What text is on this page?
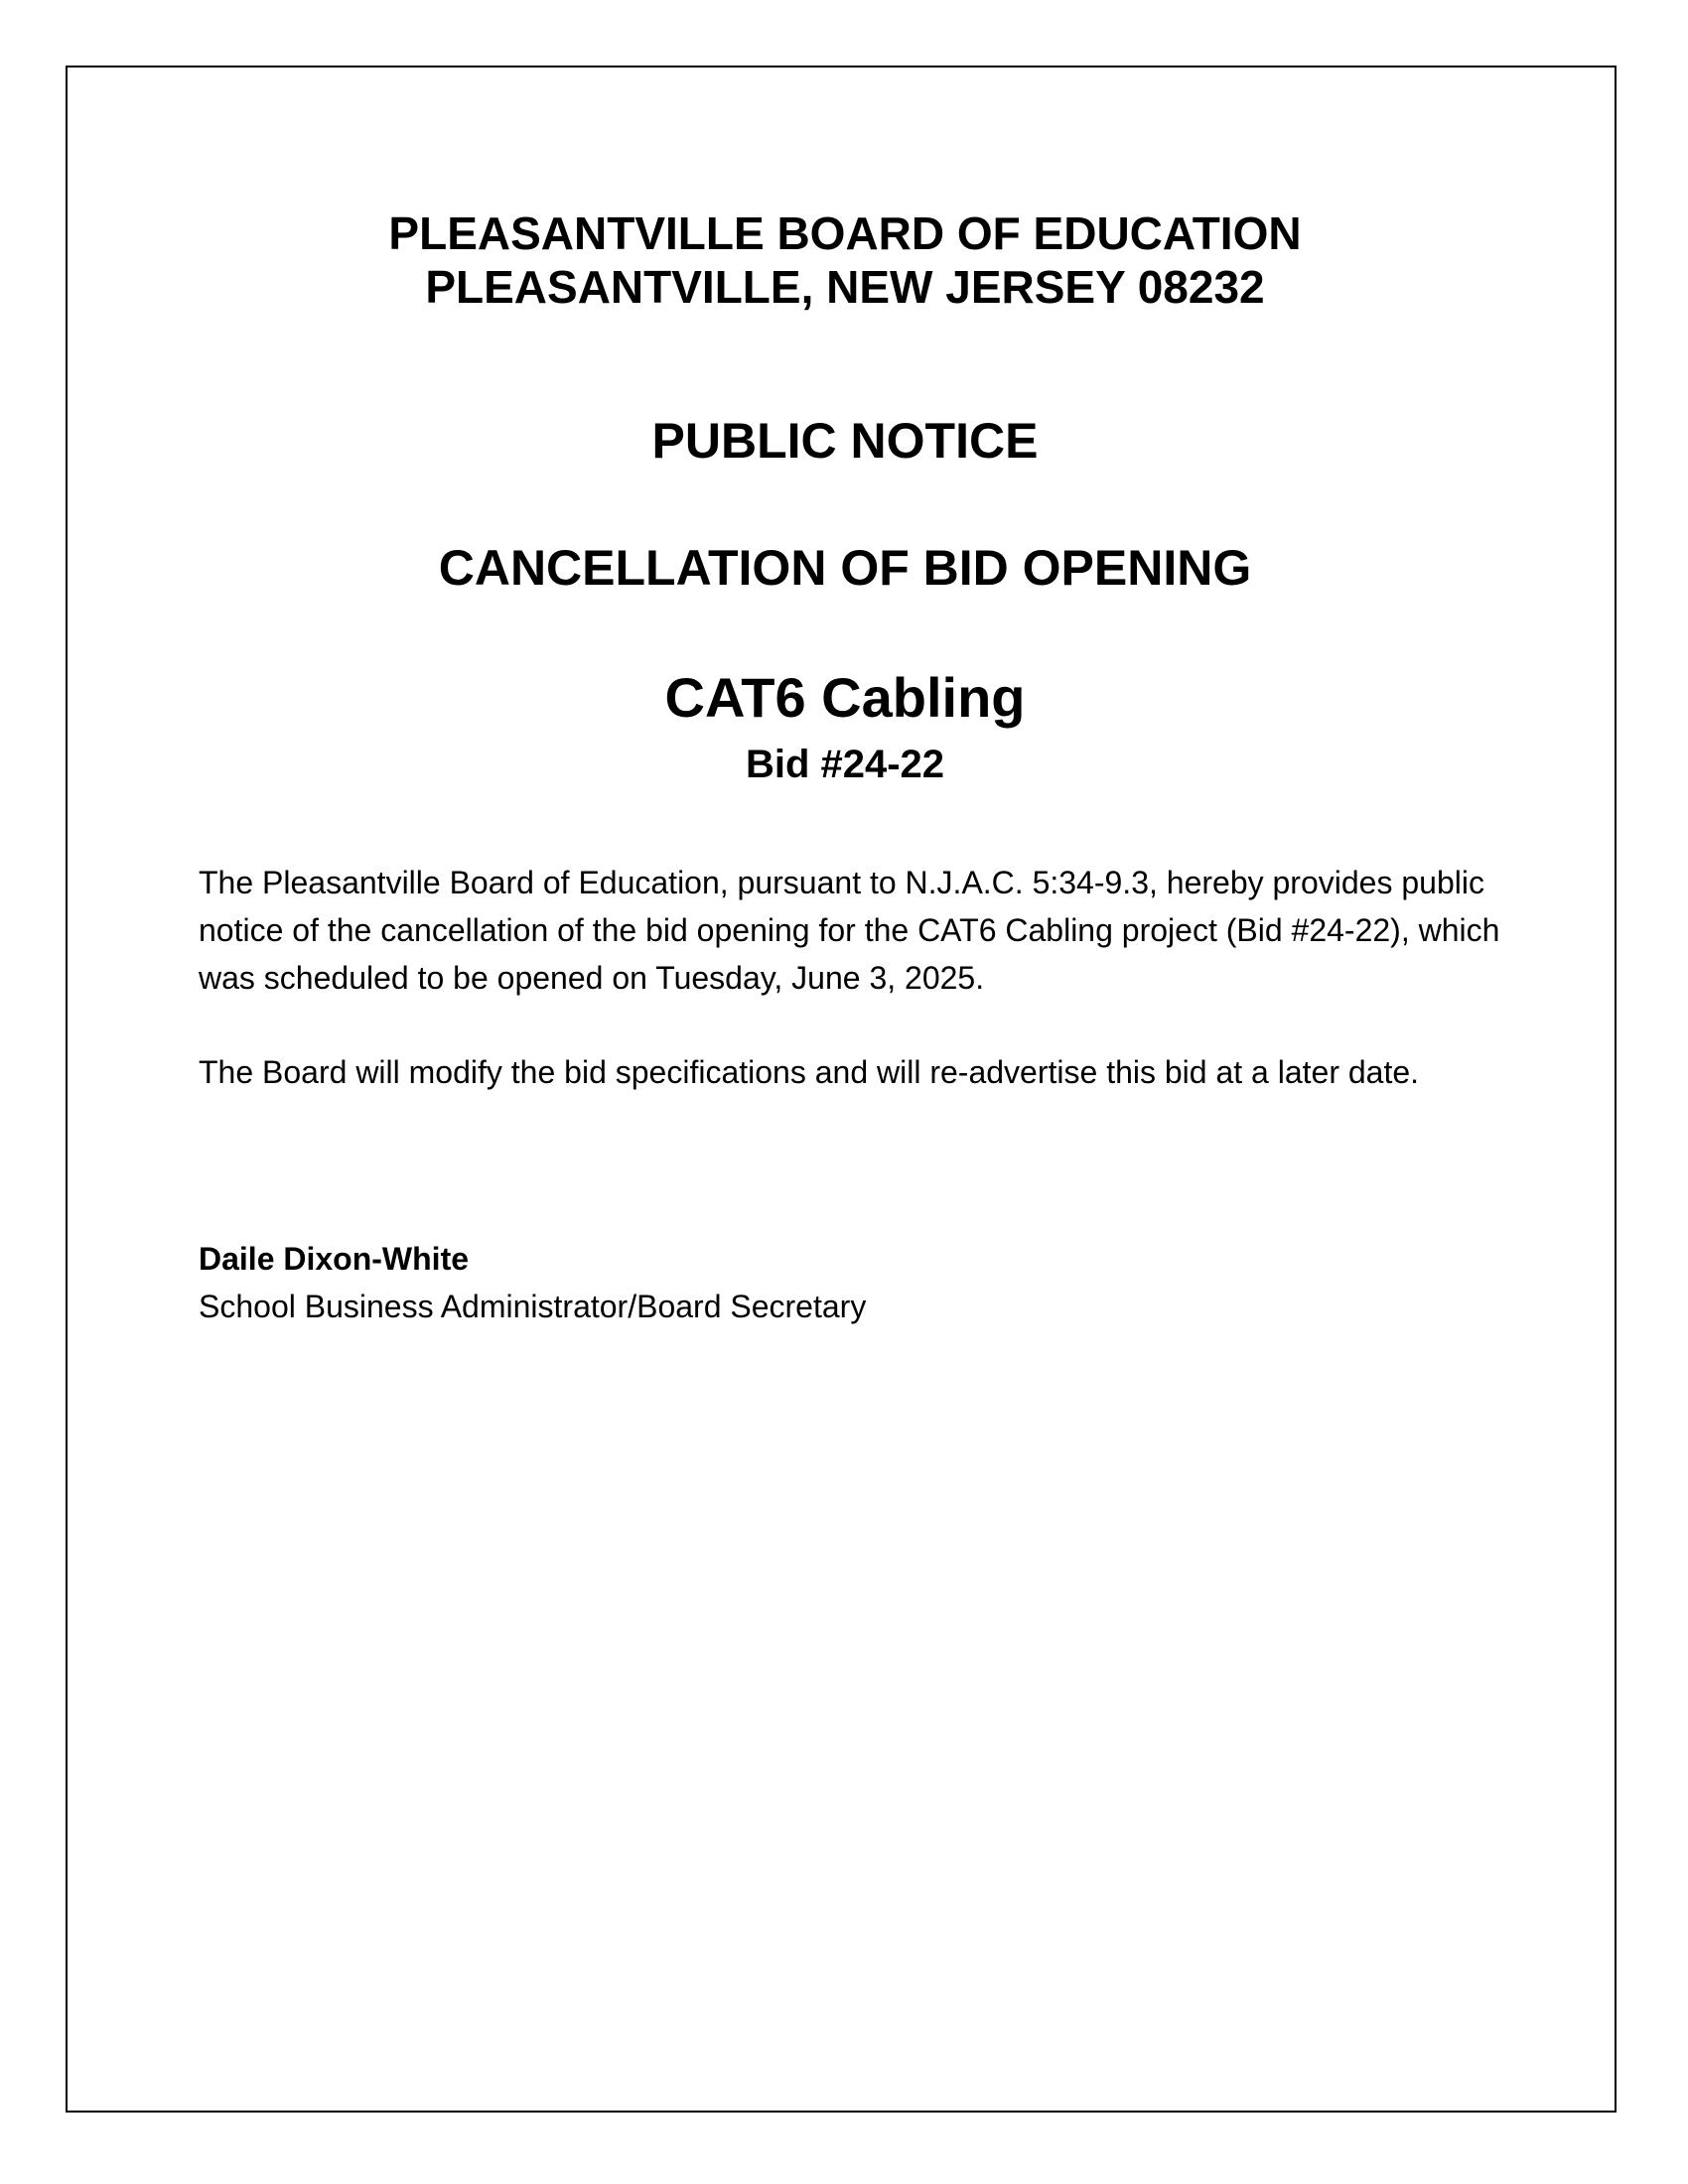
PLEASANTVILLE BOARD OF EDUCATION
PLEASANTVILLE, NEW JERSEY 08232
PUBLIC NOTICE
CANCELLATION OF BID OPENING
CAT6 Cabling
Bid #24-22
The Pleasantville Board of Education, pursuant to N.J.A.C. 5:34-9.3, hereby provides public notice of the cancellation of the bid opening for the CAT6 Cabling project (Bid #24-22), which was scheduled to be opened on Tuesday, June 3, 2025.
The Board will modify the bid specifications and will re-advertise this bid at a later date.
Daile Dixon-White
School Business Administrator/Board Secretary
